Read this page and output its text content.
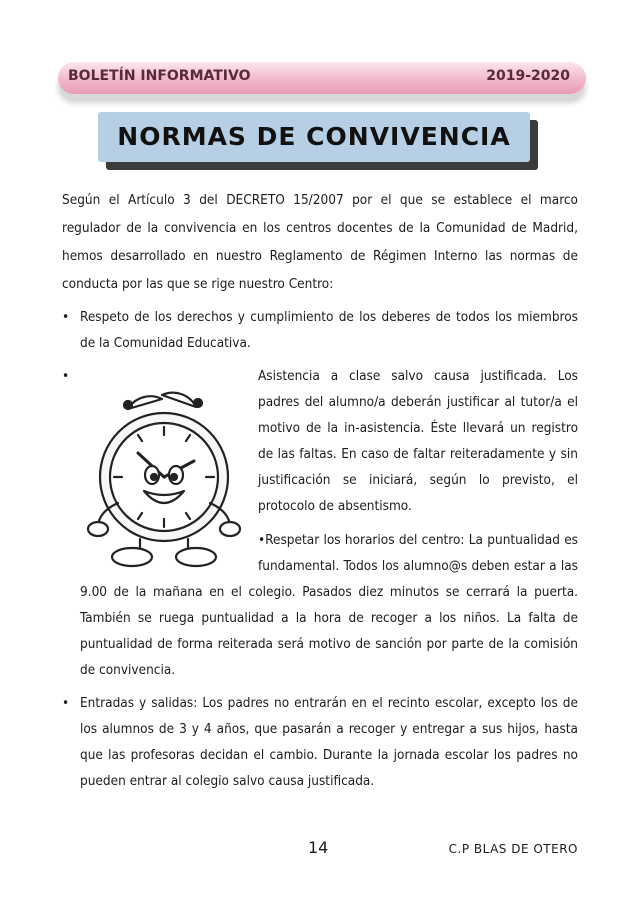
BOLETÍN INFORMATIVO	2019-2020
NORMAS DE CONVIVENCIA

Según el Artículo 3 del DECRETO 15/2007 por el que se establece el marco regulador de la convivencia en los centros docentes de la Comunidad de Madrid, hemos desarrollado en nuestro Reglamento de Régimen Interno las normas de conducta por las que se rige nuestro Centro:

• Respeto de los derechos y cumplimiento de los deberes de todos los miembros de la Comunidad Educativa.
• Asistencia a clase salvo causa justificada. Los padres del alumno/a deberán justificar al tutor/a el motivo de la in-asistencia. Éste llevará un registro de las faltas. En caso de faltar reiteradamente y sin justificación se iniciará, según lo previsto, el protocolo de absentismo.
•Respetar los horarios del centro: La puntualidad es fundamental. Todos los alumno@s deben estar a las 9.00 de la mañana en el colegio. Pasados diez minutos se cerrará la puerta. También se ruega puntualidad a la hora de recoger a los niños. La falta de puntualidad de forma reiterada será motivo de sanción por parte de la comisión de convivencia.
• Entradas y salidas: Los padres no entrarán en el recinto escolar, excepto los de los alumnos de 3 y 4 años, que pasarán a recoger y entregar a sus hijos, hasta que las profesoras decidan el cambio. Durante la jornada escolar los padres no pueden entrar al colegio salvo causa justificada.
14	C.P BLAS DE OTERO
